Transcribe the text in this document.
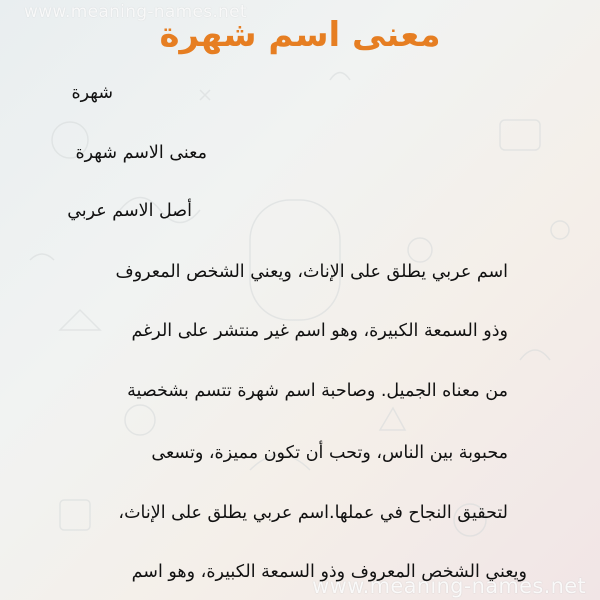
www.meaning-names.net
معنى اسم شهرة
شهرة
معنى الاسم شهرة
أصل الاسم عربي
اسم عربي يطلق على الإناث، ويعني الشخص المعروف
وذو السمعة الكبيرة، وهو اسم غير منتشر على الرغم
من معناه الجميل. وصاحبة اسم شهرة تتسم بشخصية
محبوبة بين الناس، وتحب أن تكون مميزة، وتسعى
لتحقيق النجاح في عملها.اسم عربي يطلق على الإناث،
ويعني الشخص المعروف وذو السمعة الكبيرة، وهو اسم
www.meaning-names.net
